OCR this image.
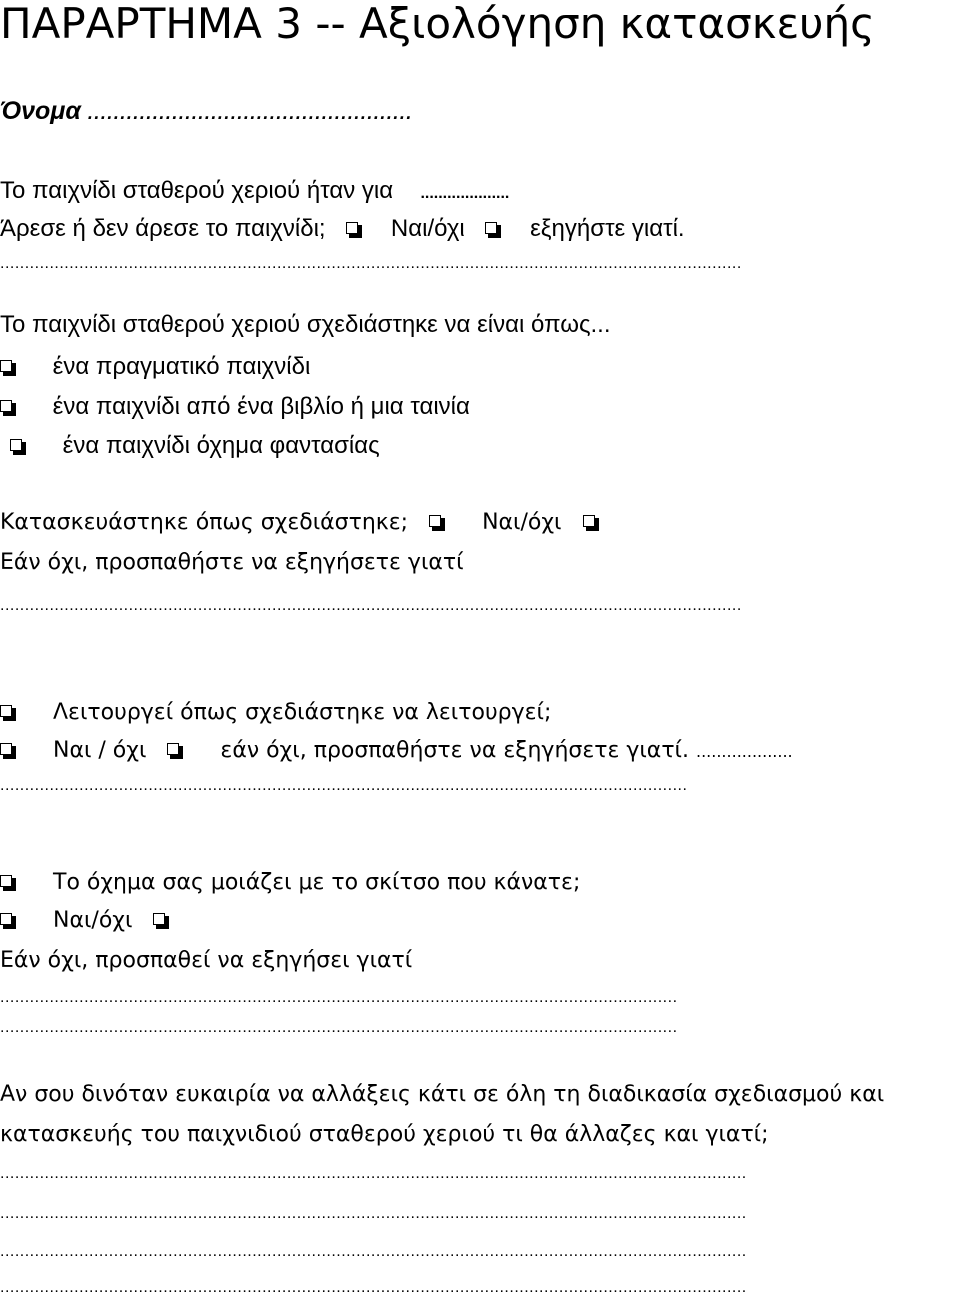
ΠΑΡΑΡΤΗΜΑ 3 -- Αξιολόγηση κατασκευής
Όνομα ..................................................
Το παιχνίδι σταθερού χεριού ήταν για ....................
Άρεσε ή δεν άρεσε το παιχνίδι;	Ναι/όχι	εξηγήστε γιατί.
......................................................................................................................................................
Το παιχνίδι σταθερού χεριού σχεδιάστηκε να είναι όπως...
ένα πραγματικό παιχνίδι
ένα παιχνίδι από ένα βιβλίο ή μια ταινία
ένα παιχνίδι όχημα φαντασίας
Κατασκευάστηκε όπως σχεδιάστηκε;	Ναι/όχι
Εάν όχι, προσπαθήστε να εξηγήσετε γιατί
......................................................................................................................................................
Λειτουργεί όπως σχεδιάστηκε να λειτουργεί;
Ναι / όχι	εάν όχι, προσπαθήστε να εξηγήσετε γιατί. ...................
...........................................................................................................................................
Το όχημα σας μοιάζει με το σκίτσο που κάνατε;
Ναι/όχι
Εάν όχι, προσπαθεί να εξηγήσει γιατί
.........................................................................................................................................
.........................................................................................................................................
Αν σου δινόταν ευκαιρία να αλλάξεις κάτι σε όλη τη διαδικασία σχεδιασμού και
κατασκευής του παιχνιδιού σταθερού χεριού τι θα άλλαζες και γιατί;
.......................................................................................................................................................
.......................................................................................................................................................
.......................................................................................................................................................
.......................................................................................................................................................
